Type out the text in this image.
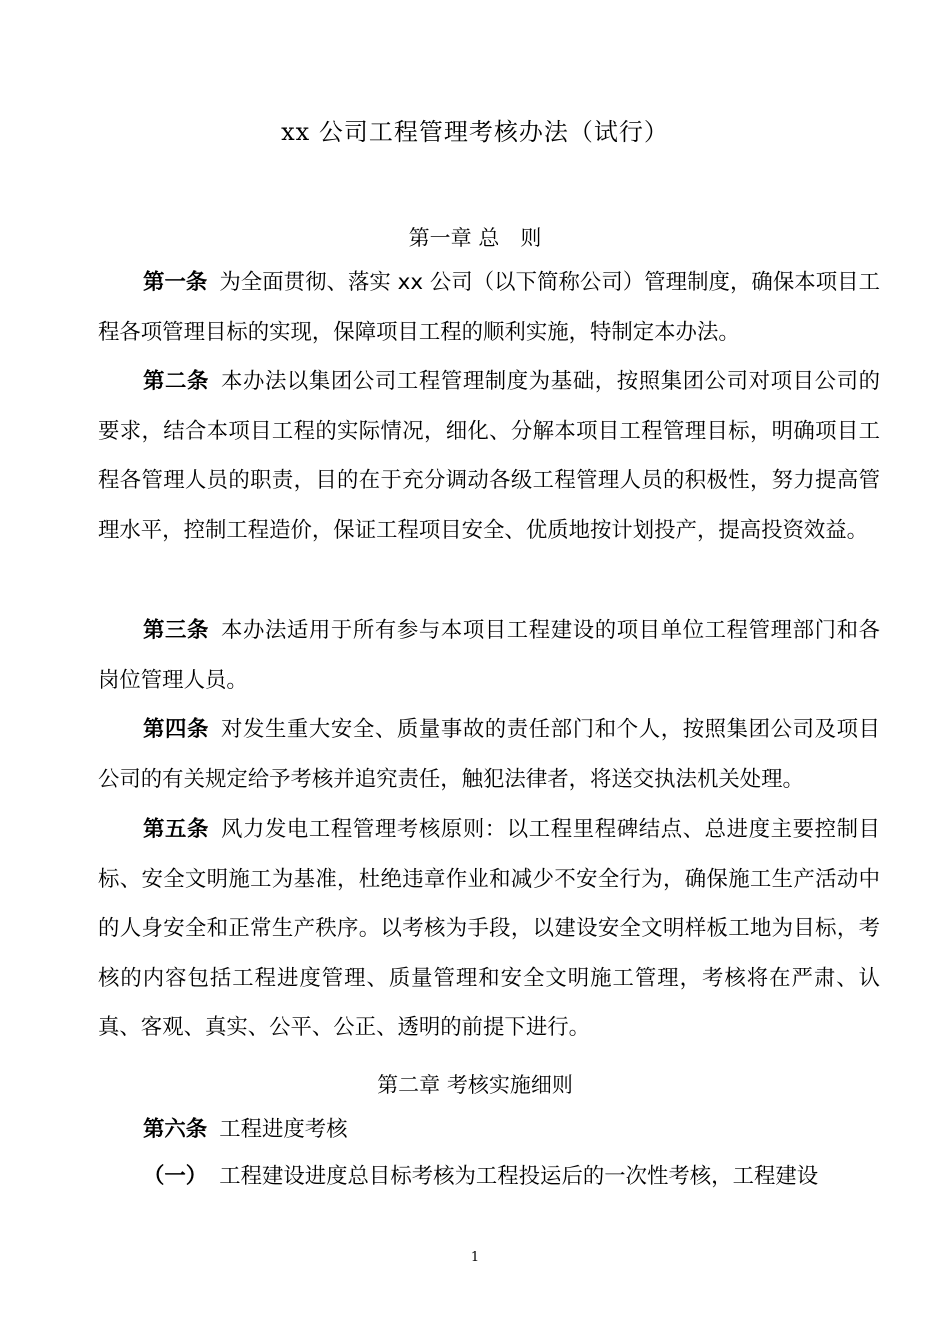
xx 公司工程管理考核办法（试行）
第一章 总　则

第一条 为全面贯彻、落实 xx 公司（以下简称公司）管理制度，确保本项目工程各项管理目标的实现，保障项目工程的顺利实施，特制定本办法。

第二条 本办法以集团公司工程管理制度为基础，按照集团公司对项目公司的要求，结合本项目工程的实际情况，细化、分解本项目工程管理目标，明确项目工程各管理人员的职责，目的在于充分调动各级工程管理人员的积极性，努力提高管理水平，控制工程造价，保证工程项目安全、优质地按计划投产，提高投资效益。

第三条 本办法适用于所有参与本项目工程建设的项目单位工程管理部门和各岗位管理人员。

第四条 对发生重大安全、质量事故的责任部门和个人，按照集团公司及项目公司的有关规定给予考核并追究责任，触犯法律者，将送交执法机关处理。

第五条 风力发电工程管理考核原则：以工程里程碑结点、总进度主要控制目标、安全文明施工为基准，杜绝违章作业和减少不安全行为，确保施工生产活动中的人身安全和正常生产秩序。以考核为手段，以建设安全文明样板工地为目标，考核的内容包括工程进度管理、质量管理和安全文明施工管理，考核将在严肃、认真、客观、真实、公平、公正、透明的前提下进行。

第二章 考核实施细则

第六条 工程进度考核

（一） 工程建设进度总目标考核为工程投运后的一次性考核，工程建设

1
